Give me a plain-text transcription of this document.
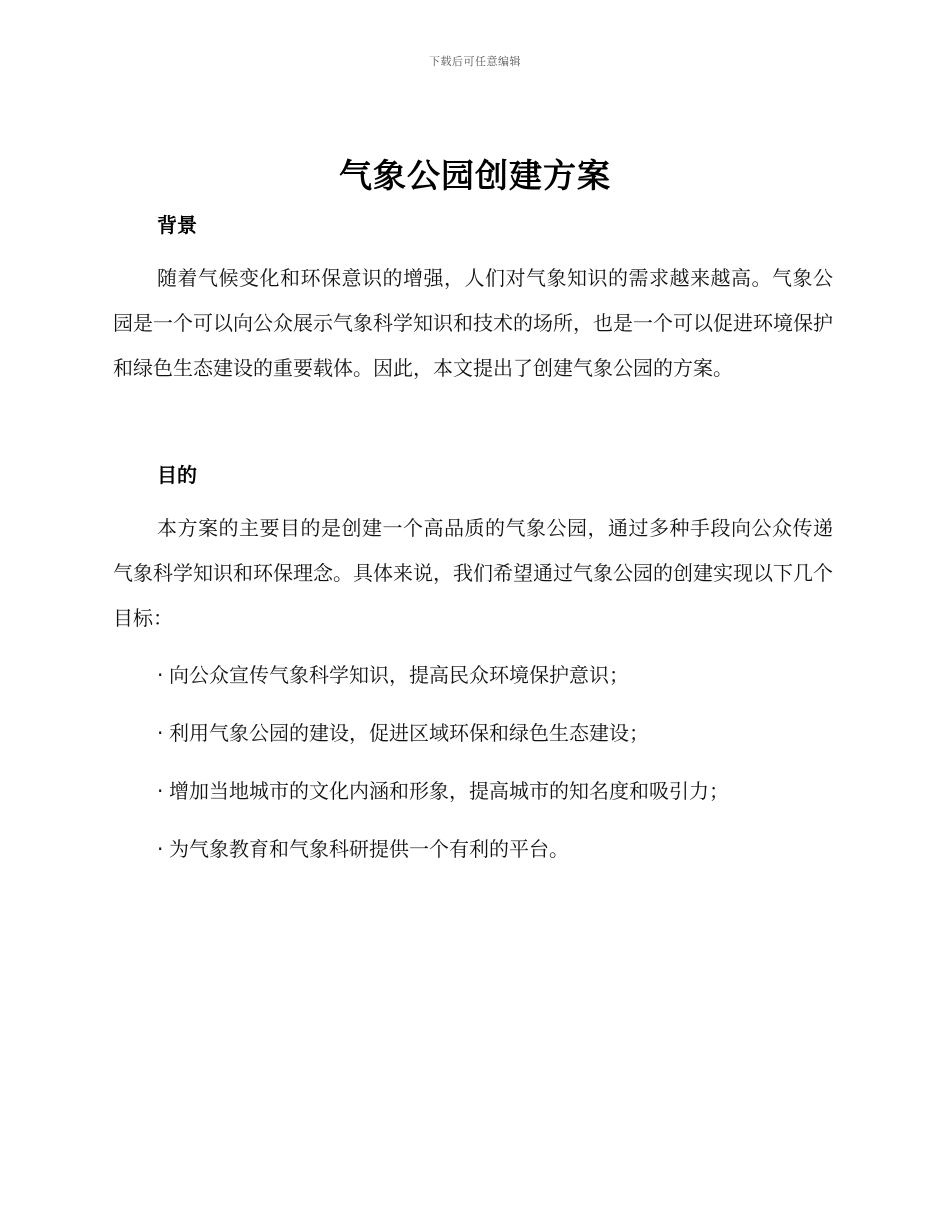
下载后可任意编辑
气象公园创建方案
背景
随着气候变化和环保意识的增强，人们对气象知识的需求越来越高。气象公园是一个可以向公众展示气象科学知识和技术的场所，也是一个可以促进环境保护和绿色生态建设的重要载体。因此，本文提出了创建气象公园的方案。
目的
本方案的主要目的是创建一个高品质的气象公园，通过多种手段向公众传递气象科学知识和环保理念。具体来说，我们希望通过气象公园的创建实现以下几个目标：
· 向公众宣传气象科学知识，提高民众环境保护意识；
· 利用气象公园的建设，促进区域环保和绿色生态建设；
· 增加当地城市的文化内涵和形象，提高城市的知名度和吸引力；
· 为气象教育和气象科研提供一个有利的平台。
